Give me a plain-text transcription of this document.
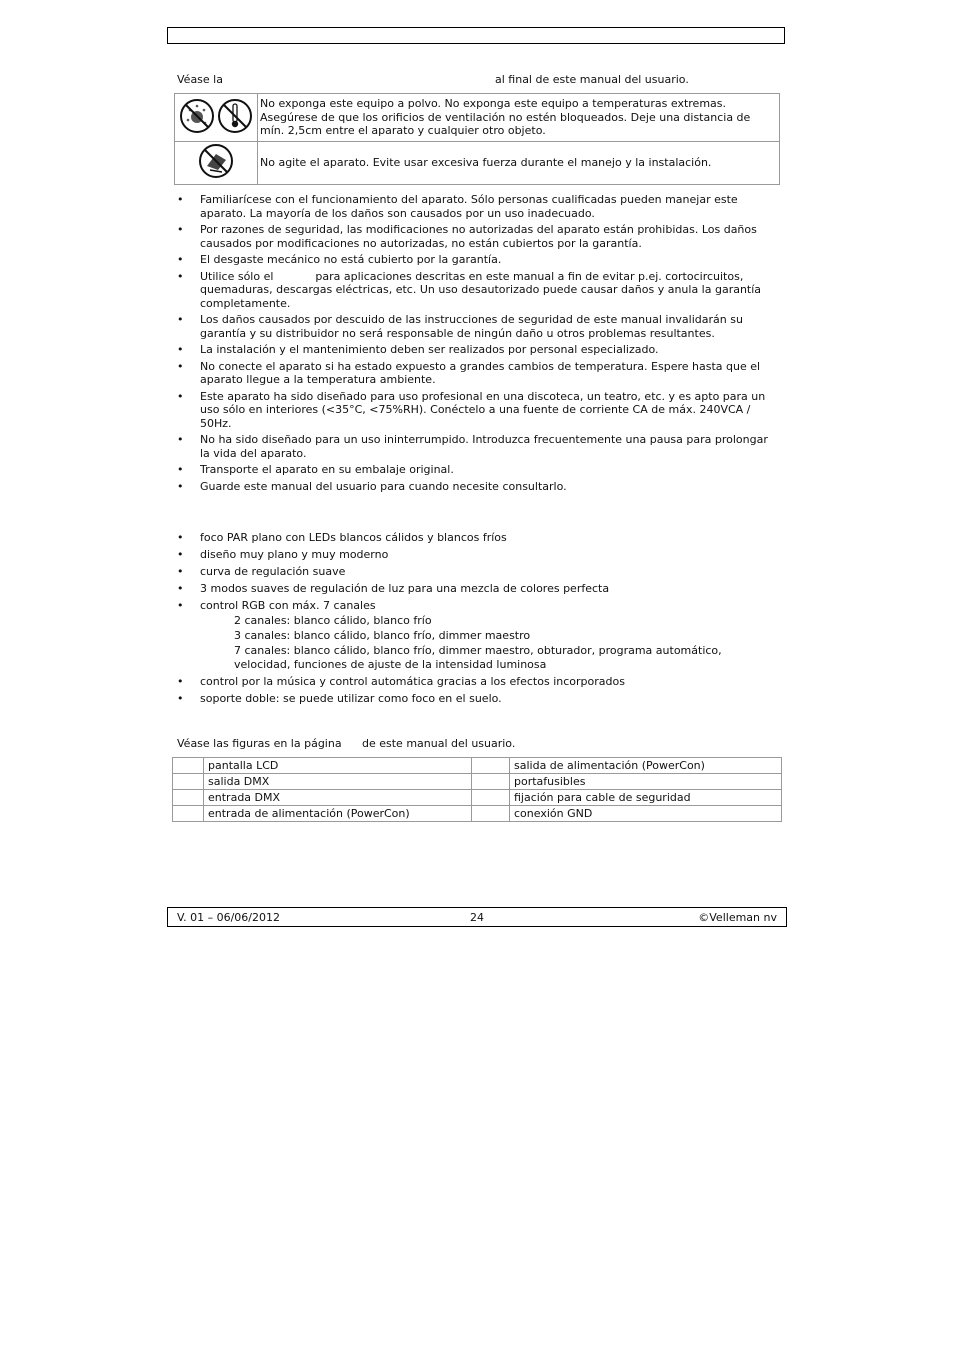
Véase la	al final de este manual del usuario.
	No exponga este equipo a polvo. No exponga este equipo a temperaturas extremas. Asegúrese de que los orificios de ventilación no estén bloqueados. Deje una distancia de mín. 2,5cm entre el aparato y cualquier otro objeto.
	No agite el aparato. Evite usar excesiva fuerza durante el manejo y la instalación.
• Familiarícese con el funcionamiento del aparato. Sólo personas cualificadas pueden manejar este aparato. La mayoría de los daños son causados por un uso inadecuado.
• Por razones de seguridad, las modificaciones no autorizadas del aparato están prohibidas. Los daños causados por modificaciones no autorizadas, no están cubiertos por la garantía.
• El desgaste mecánico no está cubierto por la garantía.
• Utilice sólo el            para aplicaciones descritas en este manual a fin de evitar p.ej. cortocircuitos, quemaduras, descargas eléctricas, etc. Un uso desautorizado puede causar daños y anula la garantía completamente.
• Los daños causados por descuido de las instrucciones de seguridad de este manual invalidarán su garantía y su distribuidor no será responsable de ningún daño u otros problemas resultantes.
• La instalación y el mantenimiento deben ser realizados por personal especializado.
• No conecte el aparato si ha estado expuesto a grandes cambios de temperatura. Espere hasta que el aparato llegue a la temperatura ambiente.
• Este aparato ha sido diseñado para uso profesional en una discoteca, un teatro, etc. y es apto para un uso sólo en interiores (<35°C, <75%RH). Conéctelo a una fuente de corriente CA de máx. 240VCA / 50Hz.
• No ha sido diseñado para un uso ininterrumpido. Introduzca frecuentemente una pausa para prolongar la vida del aparato.
• Transporte el aparato en su embalaje original.
• Guarde este manual del usuario para cuando necesite consultarlo.
• foco PAR plano con LEDs blancos cálidos y blancos fríos
• diseño muy plano y muy moderno
• curva de regulación suave
• 3 modos suaves de regulación de luz para una mezcla de colores perfecta
• control RGB con máx. 7 canales
2 canales: blanco cálido, blanco frío
3 canales: blanco cálido, blanco frío, dimmer maestro
7 canales: blanco cálido, blanco frío, dimmer maestro, obturador, programa automático, velocidad, funciones de ajuste de la intensidad luminosa
• control por la música y control automática gracias a los efectos incorporados
• soporte doble: se puede utilizar como foco en el suelo.
Véase las figuras en la página de este manual del usuario.
	pantalla LCD		salida de alimentación (PowerCon)
	salida DMX		portafusibles
	entrada DMX		fijación para cable de seguridad
	entrada de alimentación (PowerCon)		conexión GND
V. 01 – 06/06/2012	24	©Velleman nv
